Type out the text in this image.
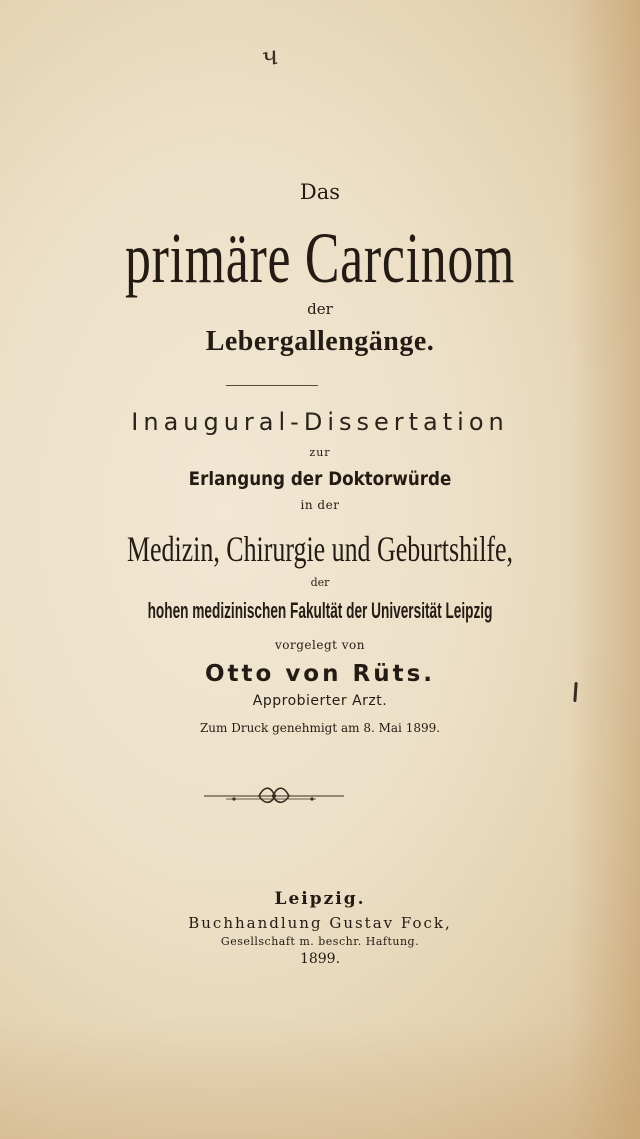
ч
Das
primäre Carcinom
der
Lebergallengänge.
Inaugural-Dissertation
zur
Erlangung der Doktorwürde
in der
Medizin, Chirurgie und Geburtshilfe,
der
hohen medizinischen Fakultät der Universität Leipzig
vorgelegt von
Otto von Rüts.
Approbierter Arzt.
Zum Druck genehmigt am 8. Mai 1899.
Leipzig.
Buchhandlung Gustav Fock,
Gesellschaft m. beschr. Haftung.
1899.
